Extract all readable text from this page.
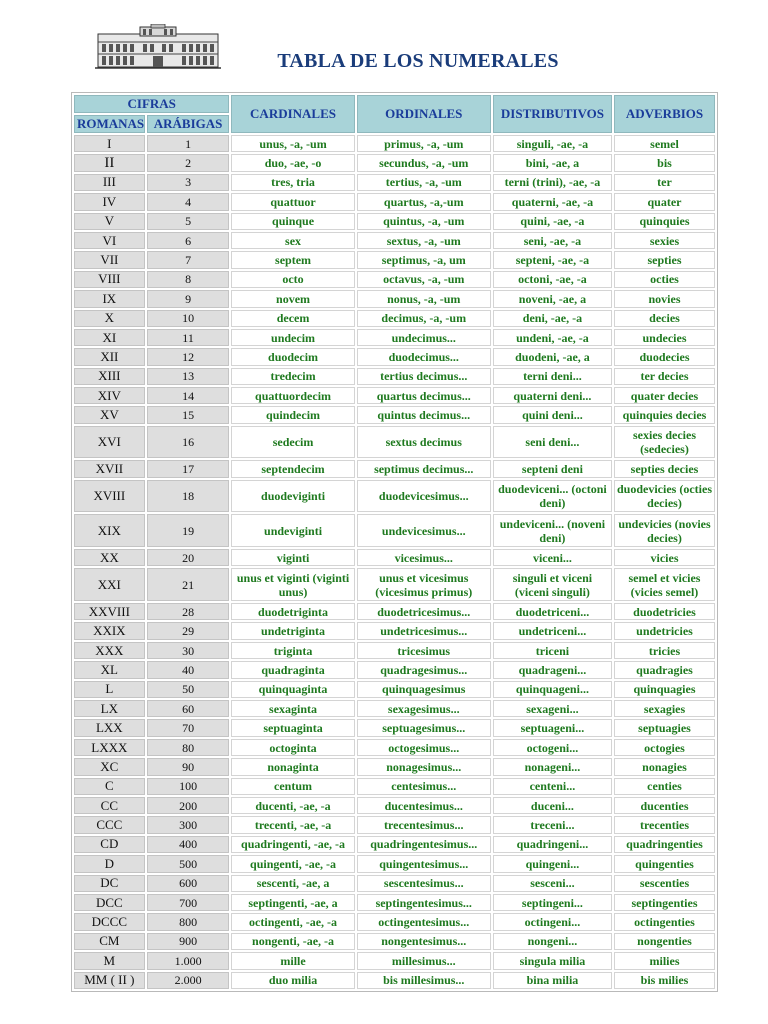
TABLA DE LOS NUMERALES
CIFRAS		CARDINALES	ORDINALES	DISTRIBUTIVOS	ADVERBIOS
ROMANAS	ARÁBIGAS				
I	1	unus, -a, -um	primus, -a, -um	singuli, -ae, -a	semel
II	2	duo, -ae, -o	secundus, -a, -um	bini, -ae, a	bis
III	3	tres, tria	tertius, -a, -um	terni (trini), -ae, -a	ter
IV	4	quattuor	quartus, -a,-um	quaterni, -ae, -a	quater
V	5	quinque	quintus, -a, -um	quini, -ae, -a	quinquies
VI	6	sex	sextus, -a, -um	seni, -ae, -a	sexies
VII	7	septem	septimus, -a, um	septeni, -ae, -a	septies
VIII	8	octo	octavus, -a, -um	octoni, -ae, -a	octies
IX	9	novem	nonus, -a, -um	noveni, -ae, a	novies
X	10	decem	decimus, -a, -um	deni, -ae, -a	decies
XI	11	undecim	undecimus...	undeni, -ae, -a	undecies
XII	12	duodecim	duodecimus...	duodeni, -ae, a	duodecies
XIII	13	tredecim	tertius decimus...	terni deni...	ter decies
XIV	14	quattuordecim	quartus decimus...	quaterni deni...	quater decies
XV	15	quindecim	quintus decimus...	quini deni...	quinquies decies
XVI	16	sedecim	sextus decimus	seni deni...	sexies decies (sedecies)
XVII	17	septendecim	septimus decimus...	septeni deni	septies decies
XVIII	18	duodeviginti	duodevicesimus...	duodeviceni... (octoni deni)	duodevicies (octies decies)
XIX	19	undeviginti	undevicesimus...	undeviceni... (noveni deni)	undevicies (novies decies)
XX	20	viginti	vicesimus...	viceni...	vicies
XXI	21	unus et viginti (viginti unus)	unus et vicesimus (vicesimus primus)	singuli et viceni (viceni singuli)	semel et vicies (vicies semel)
XXVIII	28	duodetriginta	duodetricesimus...	duodetriceni...	duodetricies
XXIX	29	undetriginta	undetricesimus...	undetriceni...	undetricies
XXX	30	triginta	tricesimus	triceni	tricies
XL	40	quadraginta	quadragesimus...	quadrageni...	quadragies
L	50	quinquaginta	quinquagesimus	quinquageni...	quinquagies
LX	60	sexaginta	sexagesimus...	sexageni...	sexagies
LXX	70	septuaginta	septuagesimus...	septuageni...	septuagies
LXXX	80	octoginta	octogesimus...	octogeni...	octogies
XC	90	nonaginta	nonagesimus...	nonageni...	nonagies
C	100	centum	centesimus...	centeni...	centies
CC	200	ducenti, -ae, -a	ducentesimus...	duceni...	ducenties
CCC	300	trecenti, -ae, -a	trecentesimus...	treceni...	trecenties
CD	400	quadringenti, -ae, -a	quadringentesimus...	quadringeni...	quadringenties
D	500	quingenti, -ae, -a	quingentesimus...	quingeni...	quingenties
DC	600	sescenti, -ae, a	sescentesimus...	sesceni...	sescenties
DCC	700	septingenti, -ae, a	septingentesimus...	septingeni...	septingenties
DCCC	800	octingenti, -ae, -a	octingentesimus...	octingeni...	octingenties
CM	900	nongenti, -ae, -a	nongentesimus...	nongeni...	nongenties
M	1.000	mille	millesimus...	singula milia	milies
MM ( II )	2.000	duo milia	bis millesimus...	bina milia	bis milies
